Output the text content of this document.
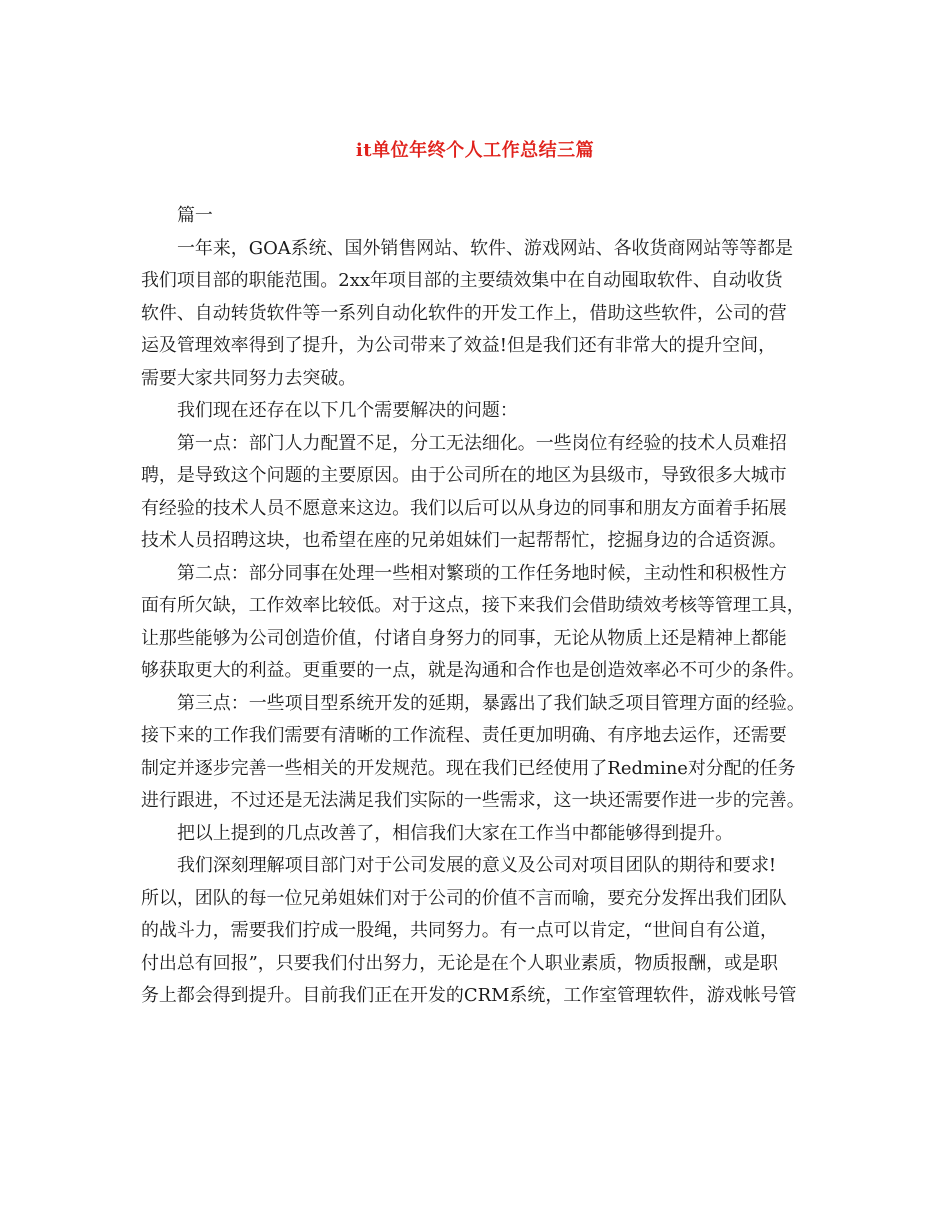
it单位年终个人工作总结三篇
篇一
一年来，GOA系统、国外销售网站、软件、游戏网站、各收货商网站等等都是
我们项目部的职能范围。2xx年项目部的主要绩效集中在自动囤取软件、自动收货
软件、自动转货软件等一系列自动化软件的开发工作上，借助这些软件，公司的营
运及管理效率得到了提升，为公司带来了效益!但是我们还有非常大的提升空间，
需要大家共同努力去突破。
我们现在还存在以下几个需要解决的问题：
第一点：部门人力配置不足，分工无法细化。一些岗位有经验的技术人员难招
聘，是导致这个问题的主要原因。由于公司所在的地区为县级市，导致很多大城市
有经验的技术人员不愿意来这边。我们以后可以从身边的同事和朋友方面着手拓展
技术人员招聘这块，也希望在座的兄弟姐妹们一起帮帮忙，挖掘身边的合适资源。
第二点：部分同事在处理一些相对繁琐的工作任务地时候，主动性和积极性方
面有所欠缺，工作效率比较低。对于这点，接下来我们会借助绩效考核等管理工具，
让那些能够为公司创造价值，付诸自身努力的同事，无论从物质上还是精神上都能
够获取更大的利益。更重要的一点，就是沟通和合作也是创造效率必不可少的条件。
第三点：一些项目型系统开发的延期，暴露出了我们缺乏项目管理方面的经验。
接下来的工作我们需要有清晰的工作流程、责任更加明确、有序地去运作，还需要
制定并逐步完善一些相关的开发规范。现在我们已经使用了Redmine对分配的任务
进行跟进，不过还是无法满足我们实际的一些需求，这一块还需要作进一步的完善。
把以上提到的几点改善了，相信我们大家在工作当中都能够得到提升。
我们深刻理解项目部门对于公司发展的意义及公司对项目团队的期待和要求!
所以，团队的每一位兄弟姐妹们对于公司的价值不言而喻，要充分发挥出我们团队
的战斗力，需要我们拧成一股绳，共同努力。有一点可以肯定，“世间自有公道，
付出总有回报”，只要我们付出努力，无论是在个人职业素质，物质报酬，或是职
务上都会得到提升。目前我们正在开发的CRM系统，工作室管理软件，游戏帐号管
